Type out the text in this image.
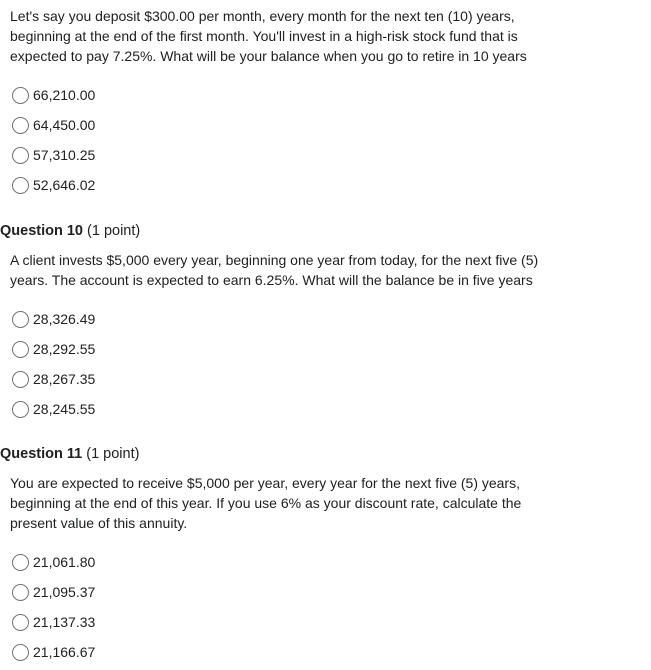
Let's say you deposit $300.00 per month, every month for the next ten (10) years,
beginning at the end of the first month. You'll invest in a high-risk stock fund that is
expected to pay 7.25%. What will be your balance when you go to retire in 10 years

66,210.00
64,450.00
57,310.25
52,646.02
Question 10 (1 point)

A client invests $5,000 every year, beginning one year from today, for the next five (5)
years. The account is expected to earn 6.25%. What will the balance be in five years

28,326.49
28,292.55
28,267.35
28,245.55
Question 11 (1 point)

You are expected to receive $5,000 per year, every year for the next five (5) years,
beginning at the end of this year. If you use 6% as your discount rate, calculate the
present value of this annuity.

21,061.80
21,095.37
21,137.33
21,166.67
